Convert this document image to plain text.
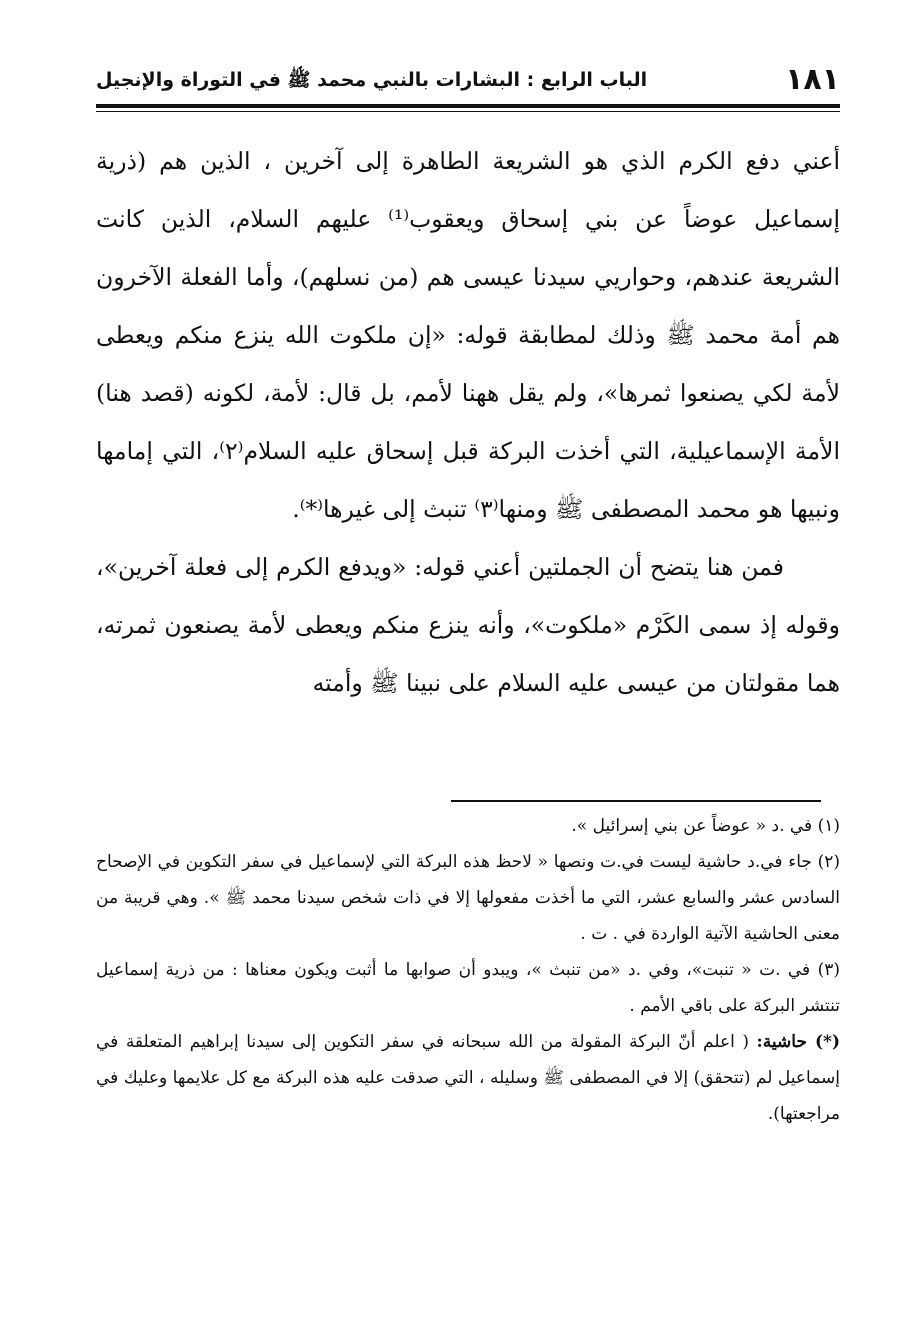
١٨١
الباب الرابع : البشارات بالنبي محمد ﷺ في التوراة والإنجيل

أعني دفع الكرم الذي هو الشريعة الطاهرة إلى آخرين ، الذين هم (ذرية إسماعيل عوضاً عن بني إسحاق ويعقوب⁽¹⁾ عليهم السلام، الذين كانت الشريعة عندهم، وحواريي سيدنا عيسى هم (من نسلهم)، وأما الفعلة الآخرون هم أمة محمد ﷺ وذلك لمطابقة قوله: «إن ملكوت الله ينزع منكم ويعطى لأمة لكي يصنعوا ثمرها»، ولم يقل ههنا لأمم، بل قال: لأمة، لكونه (قصد هنا) الأمة الإسماعيلية، التي أخذت البركة قبل إسحاق عليه السلام⁽٢⁾، التي إمامها ونبيها هو محمد المصطفى ﷺ ومنها⁽٣⁾ تنبث إلى غيرها⁽*⁾.

فمن هنا يتضح أن الجملتين أعني قوله: «ويدفع الكرم إلى فعلة آخرين»، وقوله إذ سمى الكَرْم «ملكوت»، وأنه ينزع منكم ويعطى لأمة يصنعون ثمرته، هما مقولتان من عيسى عليه السلام على نبينا ﷺ وأمته

(١) في .د « عوضاً عن بني إسرائيل ».

(٢) جاء في.د حاشية ليست في.ت ونصها « لاحظ هذه البركة التي لإسماعيل في سفر التكوين في الإصحاح السادس عشر والسابع عشر، التي ما أخذت مفعولها إلا في ذات شخص سيدنا محمد ﷺ ». وهي قريبة من معنى الحاشية الآتية الواردة في . ت .

(٣) في .ت « تنبت»، وفي .د «من تنبث »، ويبدو أن صوابها ما أثبت ويكون معناها : من ذرية إسماعيل تنتشر البركة على باقي الأمم .

(*) حاشية: ( اعلم أنّ البركة المقولة من الله سبحانه في سفر التكوين إلى سيدنا إبراهيم المتعلقة في إسماعيل لم (تتحقق) إلا في المصطفى ﷺ وسليله ، التي صدقت عليه هذه البركة مع كل علايمها وعليك في مراجعتها).
